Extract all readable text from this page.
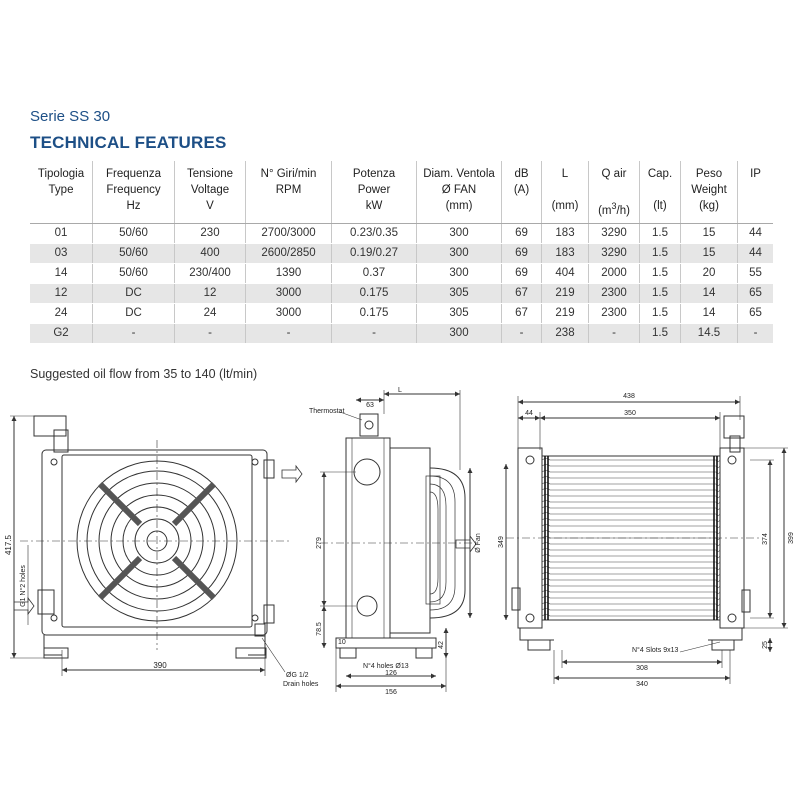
Serie SS 30
TECHNICAL FEATURES
Tipologia
Type	Frequenza
Frequency
Hz	Tensione
Voltage
V	N° Giri/min
RPM	Potenza
Power
kW	Diam. Ventola
Ø FAN
(mm)	dB
(A)	L

(mm)	Q air

$(m^3/h)$	Cap.

(lt)	Peso
Weight
(kg)	IP

01	50/60	230	2700/3000	0.23/0.35	300	69	183	3290	1.5	15	44
03	50/60	400	2600/2850	0.19/0.27	300	69	183	3290	1.5	15	44
14	50/60	230/400	1390	0.37	300	69	404	2000	1.5	20	55
12	DC	12	3000	0.175	305	67	219	2300	1.5	14	65
24	DC	24	3000	0.175	305	67	219	2300	1.5	14	65
G2	-	-	-	-	300	-	238	-	1.5	14.5	-
Suggested oil flow from 35 to 140 (lt/min)
417.5
G1 N°2 holes
390
ØG 1/2
Drain holes
Thermostat
63
L
279
78.5
10	42
Ø Fan
N°4 holes Ø13
126
156
438
44	350
349	374	399
25
N°4 Slots 9x13
308
340
